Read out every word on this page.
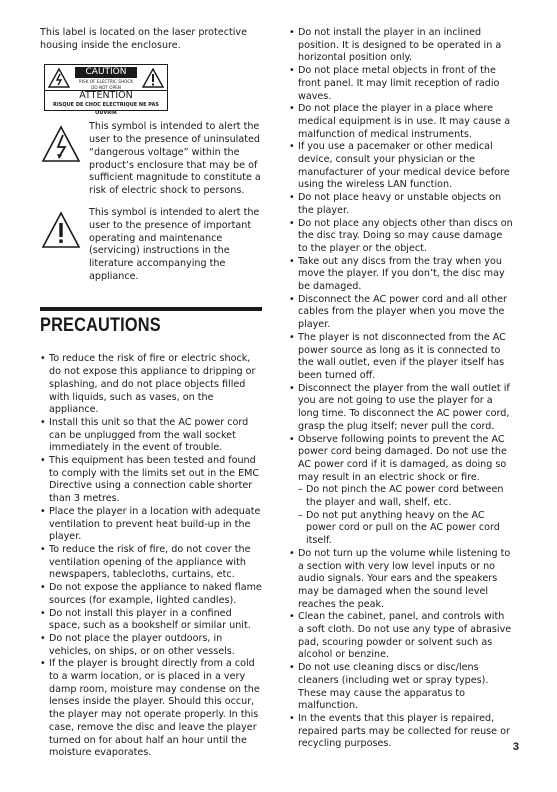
This label is located on the laser protective housing inside the enclosure.

CAUTION
RISK OF ELECTRIC SHOCK
DO NOT OPEN
ATTENTION
RISQUE DE CHOC ELECTRIQUE NE PAS OUVRIR

This symbol is intended to alert the user to the presence of uninsulated “dangerous voltage” within the product’s enclosure that may be of sufficient magnitude to constitute a risk of electric shock to persons.

This symbol is intended to alert the user to the presence of important operating and maintenance (servicing) instructions in the literature accompanying the appliance.

PRECAUTIONS
• To reduce the risk of fire or electric shock, do not expose this appliance to dripping or splashing, and do not place objects filled with liquids, such as vases, on the appliance.
• Install this unit so that the AC power cord can be unplugged from the wall socket immediately in the event of trouble.
• This equipment has been tested and found to comply with the limits set out in the EMC Directive using a connection cable shorter than 3 metres.
• Place the player in a location with adequate ventilation to prevent heat build-up in the player.
• To reduce the risk of fire, do not cover the ventilation opening of the appliance with newspapers, tablecloths, curtains, etc.
• Do not expose the appliance to naked flame sources (for example, lighted candles).
• Do not install this player in a confined space, such as a bookshelf or similar unit.
• Do not place the player outdoors, in vehicles, on ships, or on other vessels.
• If the player is brought directly from a cold to a warm location, or is placed in a very damp room, moisture may condense on the lenses inside the player. Should this occur, the player may not operate properly. In this case, remove the disc and leave the player turned on for about half an hour until the moisture evaporates.
• Do not install the player in an inclined position. It is designed to be operated in a horizontal position only.
• Do not place metal objects in front of the front panel. It may limit reception of radio waves.
• Do not place the player in a place where medical equipment is in use. It may cause a malfunction of medical instruments.
• If you use a pacemaker or other medical device, consult your physician or the manufacturer of your medical device before using the wireless LAN function.
• Do not place heavy or unstable objects on the player.
• Do not place any objects other than discs on the disc tray. Doing so may cause damage to the player or the object.
• Take out any discs from the tray when you move the player. If you don’t, the disc may be damaged.
• Disconnect the AC power cord and all other cables from the player when you move the player.
• The player is not disconnected from the AC power source as long as it is connected to the wall outlet, even if the player itself has been turned off.
• Disconnect the player from the wall outlet if you are not going to use the player for a long time. To disconnect the AC power cord, grasp the plug itself; never pull the cord.
• Observe following points to prevent the AC power cord being damaged. Do not use the AC power cord if it is damaged, as doing so may result in an electric shock or fire.
– Do not pinch the AC power cord between the player and wall, shelf, etc.
– Do not put anything heavy on the AC power cord or pull on the AC power cord itself.
• Do not turn up the volume while listening to a section with very low level inputs or no audio signals. Your ears and the speakers may be damaged when the sound level reaches the peak.
• Clean the cabinet, panel, and controls with a soft cloth. Do not use any type of abrasive pad, scouring powder or solvent such as alcohol or benzine.
• Do not use cleaning discs or disc/lens cleaners (including wet or spray types). These may cause the apparatus to malfunction.
• In the events that this player is repaired, repaired parts may be collected for reuse or recycling purposes.	3
